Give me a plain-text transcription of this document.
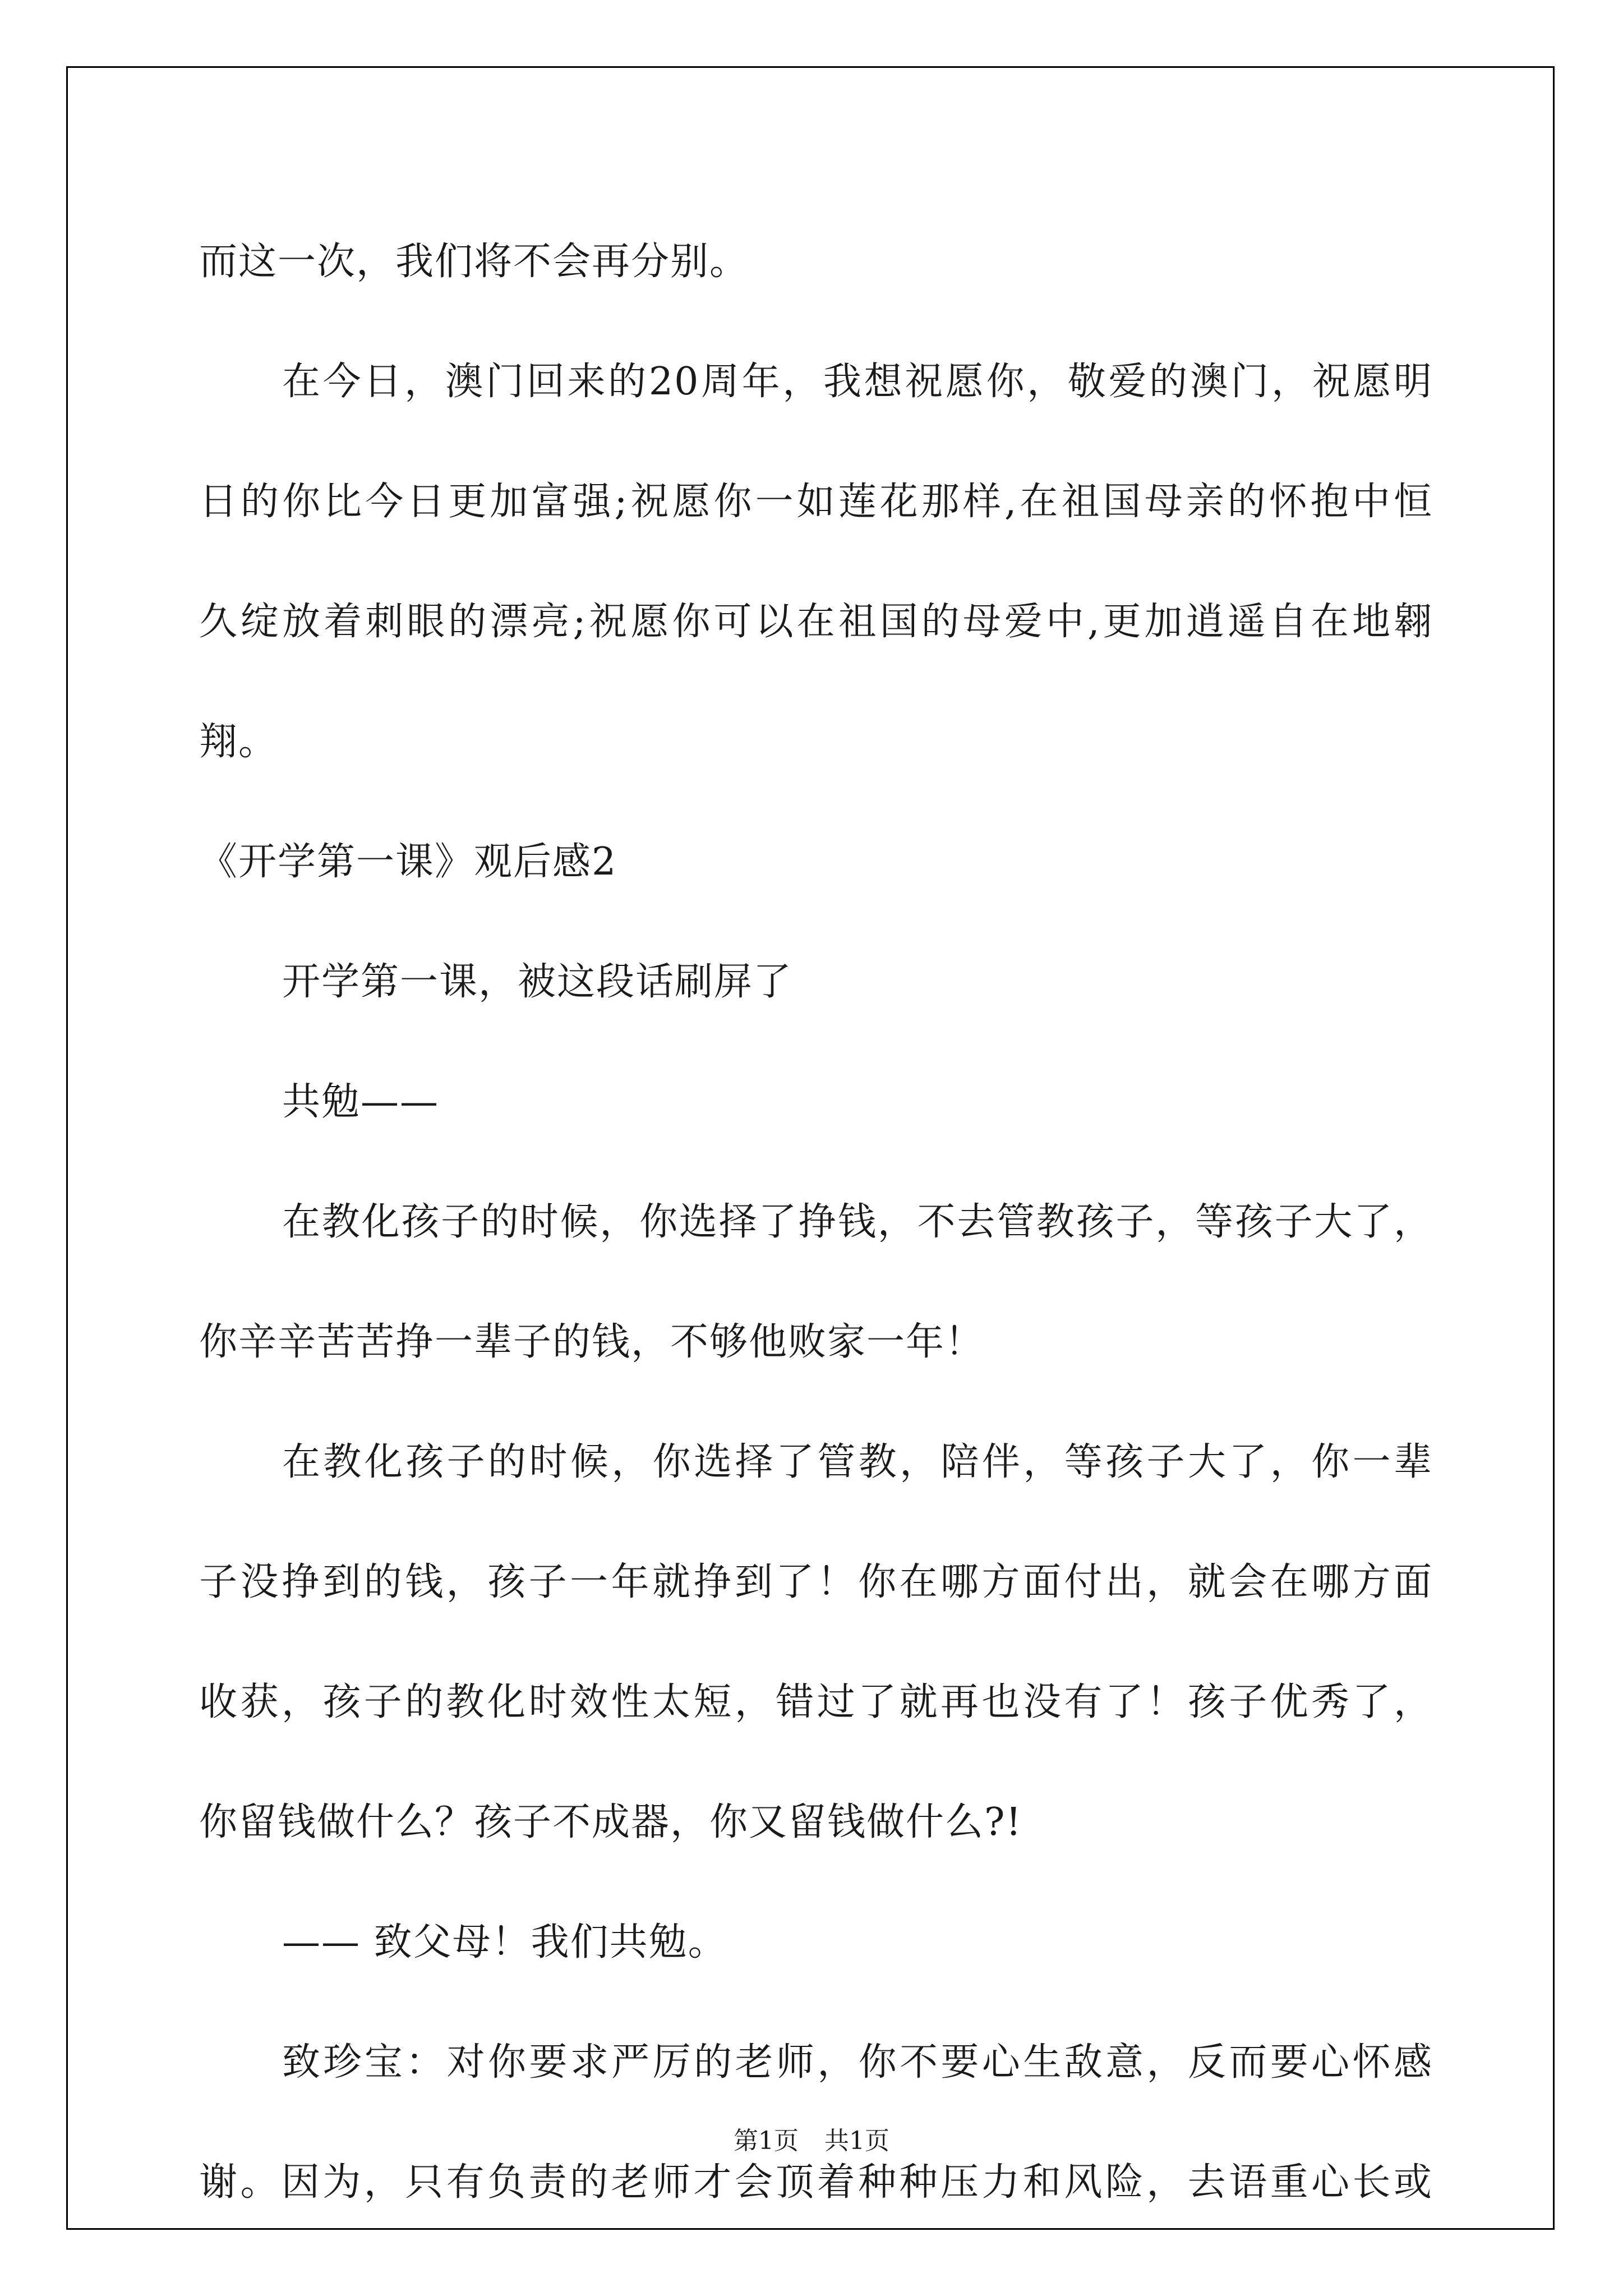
而这一次，我们将不会再分别。
在今日，澳门回来的20周年，我想祝愿你，敬爱的澳门，祝愿明
日的你比今日更加富强;祝愿你一如莲花那样,在祖国母亲的怀抱中恒
久绽放着刺眼的漂亮;祝愿你可以在祖国的母爱中,更加逍遥自在地翱
翔。
《开学第一课》观后感2
开学第一课，被这段话刷屏了
共勉——
在教化孩子的时候，你选择了挣钱，不去管教孩子，等孩子大了，
你辛辛苦苦挣一辈子的钱，不够他败家一年！
在教化孩子的时候，你选择了管教，陪伴，等孩子大了，你一辈
子没挣到的钱，孩子一年就挣到了！你在哪方面付出，就会在哪方面
收获，孩子的教化时效性太短，错过了就再也没有了！孩子优秀了，
你留钱做什么？孩子不成器，你又留钱做什么?!
—— 致父母！我们共勉。
致珍宝：对你要求严厉的老师，你不要心生敌意，反而要心怀感
谢。因为，只有负责的老师才会顶着种种压力和风险，去语重心长或
第1页 共1页
